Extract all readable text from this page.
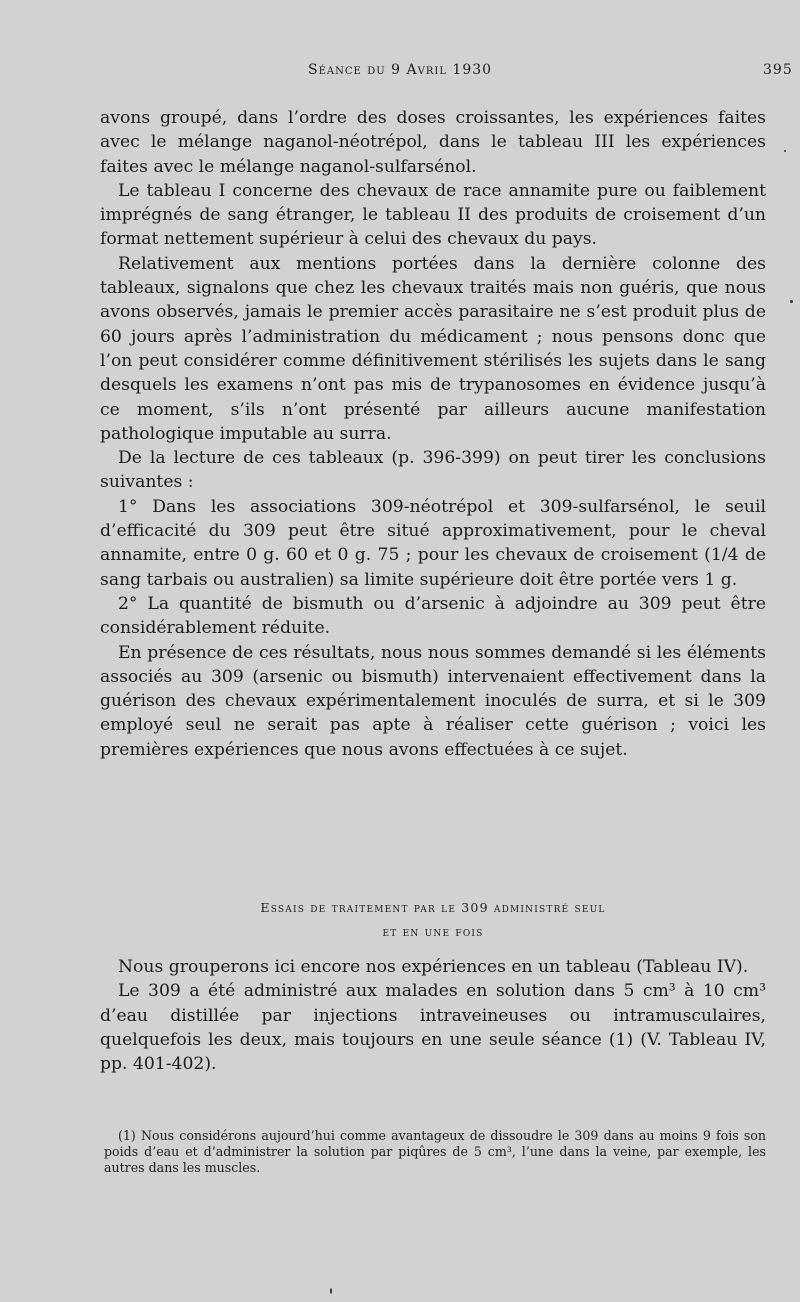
Séance du 9 Avril 1930	395

avons groupé, dans l’ordre des doses croissantes, les expériences faites avec le mélange naganol-néotrépol, dans le tableau III les expériences faites avec le mélange naganol-sulfarsénol.

Le tableau I concerne des chevaux de race annamite pure ou faiblement imprégnés de sang étranger, le tableau II des produits de croisement d’un format nettement supérieur à celui des chevaux du pays.

Relativement aux mentions portées dans la dernière colonne des tableaux, signalons que chez les chevaux traités mais non guéris, que nous avons observés, jamais le premier accès parasitaire ne s’est produit plus de 60 jours après l’administration du médicament ; nous pensons donc que l’on peut considérer comme définitivement stérilisés les sujets dans le sang desquels les examens n’ont pas mis de trypanosomes en évidence jusqu’à ce moment, s’ils n’ont présenté par ailleurs aucune manifestation pathologique imputable au surra.

De la lecture de ces tableaux (p. 396-399) on peut tirer les conclusions suivantes :

1° Dans les associations 309-néotrépol et 309-sulfarsénol, le seuil d’efficacité du 309 peut être situé approximativement, pour le cheval annamite, entre 0 g. 60 et 0 g. 75 ; pour les chevaux de croisement (1/4 de sang tarbais ou australien) sa limite supérieure doit être portée vers 1 g.

2° La quantité de bismuth ou d’arsenic à adjoindre au 309 peut être considérablement réduite.

En présence de ces résultats, nous nous sommes demandé si les éléments associés au 309 (arsenic ou bismuth) intervenaient effectivement dans la guérison des chevaux expérimentalement inoculés de surra, et si le 309 employé seul ne serait pas apte à réaliser cette guérison ; voici les premières expériences que nous avons effectuées à ce sujet.

Essais de traitement par le 309 administré seul
et en une fois

Nous grouperons ici encore nos expériences en un tableau (Tableau IV).

Le 309 a été administré aux malades en solution dans 5 cm³ à 10 cm³ d’eau distillée par injections intraveineuses ou intramusculaires, quelquefois les deux, mais toujours en une seule séance (1) (V. Tableau IV, pp. 401-402).

(1) Nous considérons aujourd’hui comme avantageux de dissoudre le 309 dans au moins 9 fois son poids d’eau et d’administrer la solution par piqûres de 5 cm³, l’une dans la veine, par exemple, les autres dans les muscles.
